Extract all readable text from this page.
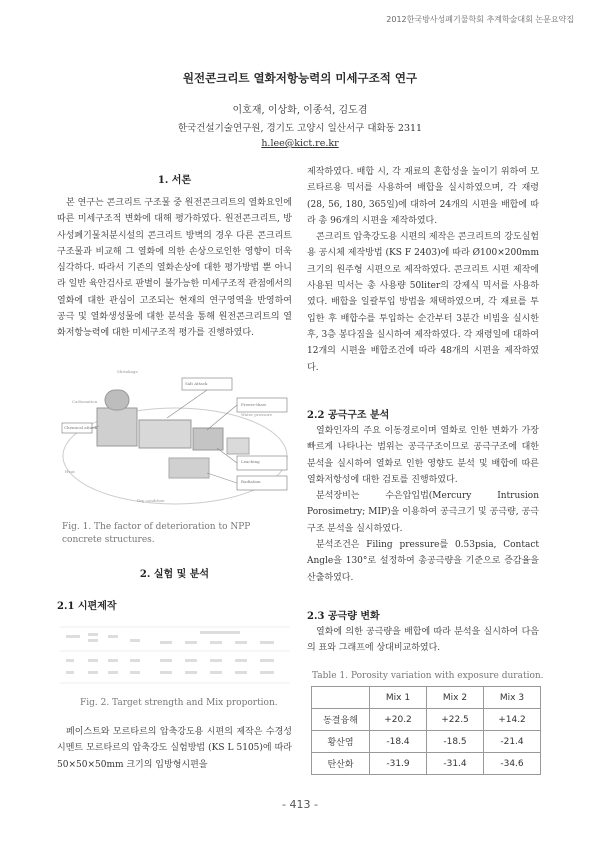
2012한국방사성폐기물학회 추계학술대회 논문요약집
원전콘크리트 열화저항능력의 미세구조적 연구
이호재, 이상화, 이종석, 김도겸
한국건설기술연구원, 경기도 고양시 일산서구 대화동 2311
h.lee@kict.re.kr
1. 서론

본 연구는 콘크리트 구조물 중 원전콘크리트의 열화요인에 따른 미세구조적 변화에 대해 평가하였다. 원전콘크리트, 방사성폐기물처분시설의 콘크리트 방벽의 경우 다른 콘크리트 구조물과 비교해 그 열화에 의한 손상으로인한 영향이 더욱 심각하다. 따라서 기존의 열화손상에 대한 평가방법 뿐 아니라 일반 육안검사로 판별이 불가능한 미세구조적 관점에서의 열화에 대한 관심이 고조되는 현재의 연구영역을 반영하여 공극 및 열화생성물에 대한 분석을 통해 원전콘크리트의 열화저항능력에 대한 미세구조적 평가를 진행하였다.

Shrinkage
Salt Attack
Carbonation
Freeze-thaw
Water pressure
Chemical attack
Leaching
Heat
Radiation
Dry condition
Fig. 1. The factor of deterioration to NPP concrete structures.
2. 실험 및 분석
2.1 시편제작
Fig. 2. Target strength and Mix proportion.

페이스트와 모르타르의 압축강도용 시편의 제작은 수경성 시멘트 모르타르의 압축강도 실험방법 (KS L 5105)에 따라 50×50×50mm 크기의 입방형시편을

제작하였다. 배합 시, 각 재료의 혼합성을 높이기 위하여 모르타르용 믹서를 사용하여 배합을 실시하였으며, 각 재령 (28, 56, 180, 365일)에 대하여 24개의 시편을 배합에 따라 총 96개의 시편을 제작하였다.

콘크리트 압축강도용 시편의 제작은 콘크리트의 강도실험용 공시체 제작방법 (KS F 2403)에 따라 Ø100×200mm크기의 원주형 시편으로 제작하였다. 콘크리트 시편 제작에 사용된 믹서는 총 사용량 50liter의 강제식 믹서를 사용하였다. 배합을 일괄투입 방법을 채택하였으며, 각 재료를 투입한 후 배합수를 투입하는 순간부터 3분간 비빔을 실시한 후, 3층 봉다짐을 실시하여 제작하였다. 각 재령일에 대하여 12개의 시편을 배합조건에 따라 48개의 시편을 제작하였다.

2.2 공극구조 분석

열화인자의 주요 이동경로이며 열화로 인한 변화가 가장 빠르게 나타나는 범위는 공극구조이므로 공극구조에 대한 분석을 실시하여 열화로 인한 영향도 분석 및 배합에 따른 열화저항성에 대한 검토를 진행하였다.

분석장비는 수은압입법(Mercury Intrusion Porosimetry; MIP)을 이용하여 공극크기 및 공극량, 공극구조 분석을 실시하였다.

분석조건은 Filing pressure를 0.53psia, Contact Angle을 130°로 설정하여 총공극량을 기준으로 증감율을 산출하였다.

2.3 공극량 변화

열화에 의한 공극량을 배합에 따라 분석을 실시하여 다음의 표와 그래프에 상대비교하였다.

Table 1. Porosity variation with exposure duration.
	Mix 1	Mix 2	Mix 3
동결융해	+20.2	+22.5	+14.2
황산염	-18.4	-18.5	-21.4
탄산화	-31.9	-31.4	-34.6
- 413 -
